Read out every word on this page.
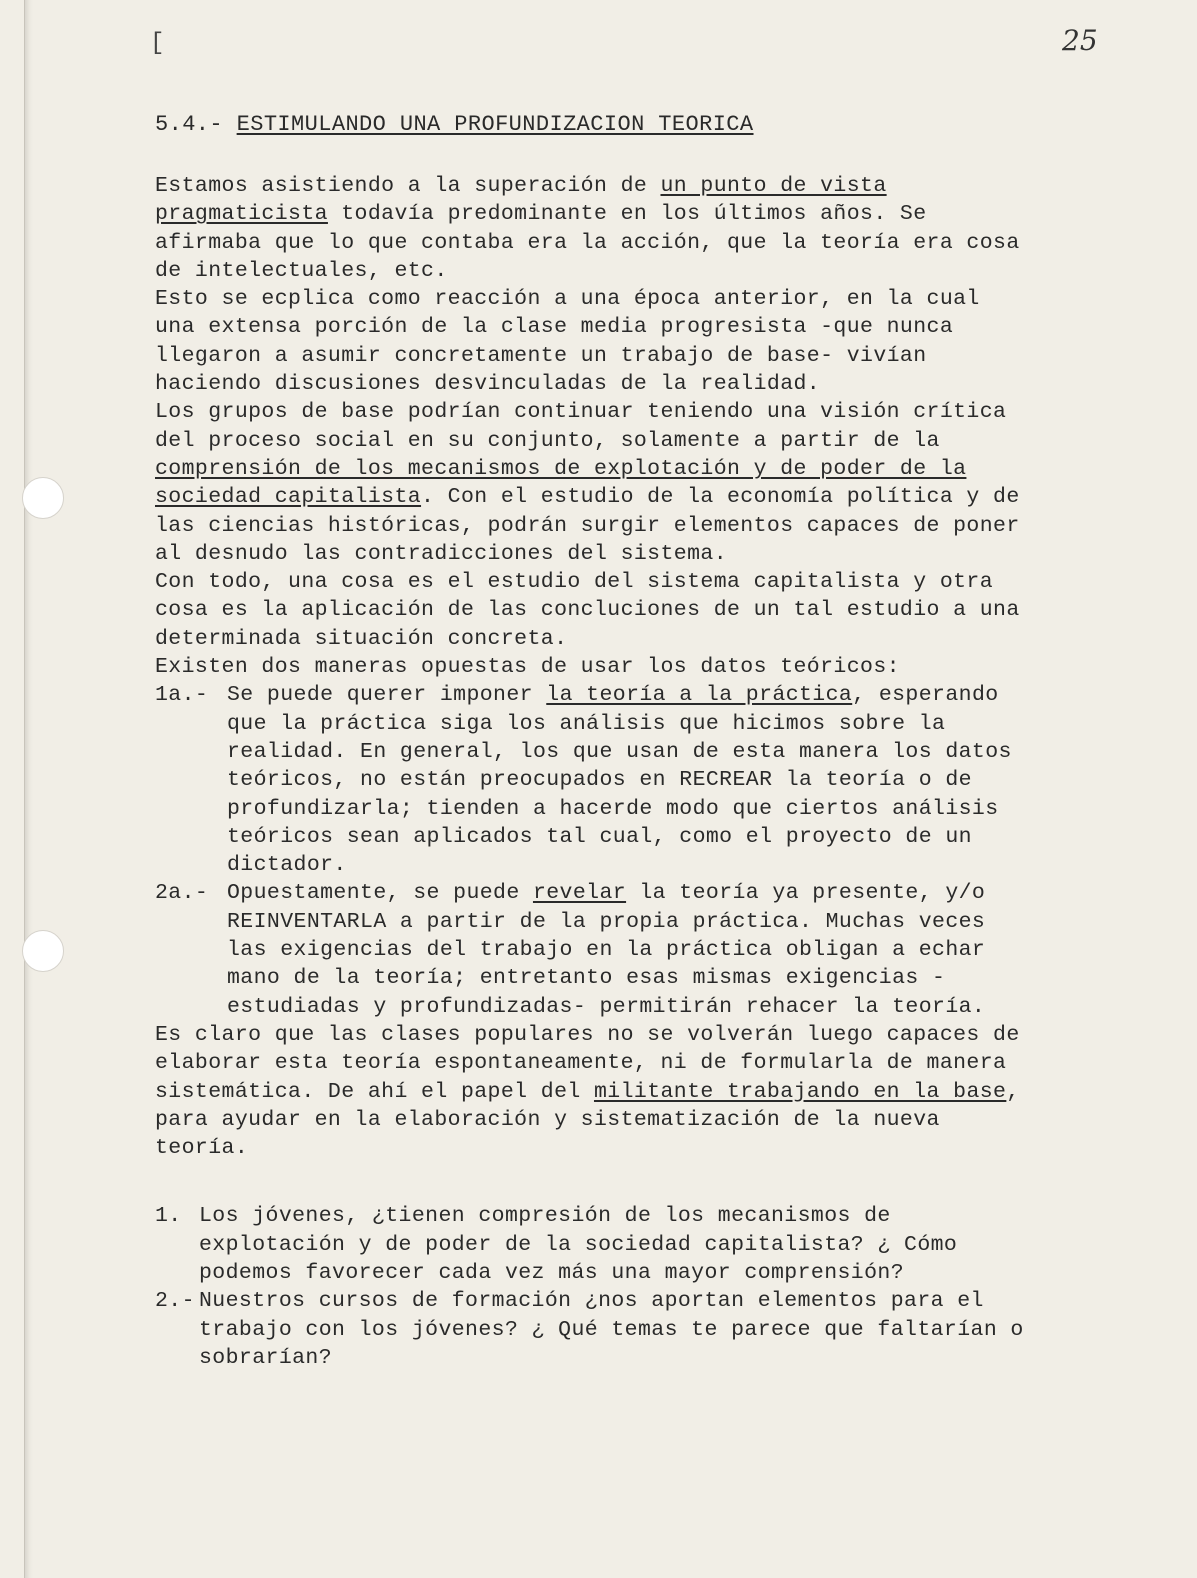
[	25
5.4.- ESTIMULANDO UNA PROFUNDIZACION TEORICA

Estamos asistiendo a la superación de un punto de vista pragmaticista todavía predominante en los últimos años. Se afirmaba que lo que contaba era la acción, que la teoría era cosa de intelectuales, etc.

Esto se ecplica como reacción a una época anterior, en la cual una extensa porción de la clase media progresista -que nunca llegaron a asumir concretamente un trabajo de base- vivían haciendo discusiones desvinculadas de la realidad.

Los grupos de base podrían continuar teniendo una visión crítica del proceso social en su conjunto, solamente a partir de la comprensión de los mecanismos de explotación y de poder de la sociedad capitalista. Con el estudio de la economía política y de las ciencias históricas, podrán surgir elementos capaces de poner al desnudo las contradicciones del sistema.

Con todo, una cosa es el estudio del sistema capitalista y otra cosa es la aplicación de las concluciones de un tal estudio a una determinada situación concreta.

Existen dos maneras opuestas de usar los datos teóricos:

1a.- Se puede querer imponer la teoría a la práctica, esperando que la práctica siga los análisis que hicimos sobre la realidad. En general, los que usan de esta manera los datos teóricos, no están preocupados en RECREAR la teoría o de profundizarla; tienden a hacerde modo que ciertos análisis teóricos sean aplicados tal cual, como el proyecto de un dictador.
2a.- Opuestamente, se puede revelar la teoría ya presente, y/o REINVENTARLA a partir de la propia práctica. Muchas veces las exigencias del trabajo en la práctica obligan a echar mano de la teoría; entretanto esas mismas exigencias -estudiadas y profundizadas- permitirán rehacer la teoría.

Es claro que las clases populares no se volverán luego capaces de elaborar esta teoría espontaneamente, ni de formularla de manera sistemática. De ahí el papel del militante trabajando en la base, para ayudar en la elaboración y sistematización de la nueva teoría.

1. Los jóvenes, ¿tienen compresión de los mecanismos de explotación y de poder de la sociedad capitalista? ¿ Cómo podemos favorecer cada vez más una mayor comprensión?
2.- Nuestros cursos de formación ¿nos aportan elementos para el trabajo con los jóvenes? ¿ Qué temas te parece que faltarían o sobrarían?
